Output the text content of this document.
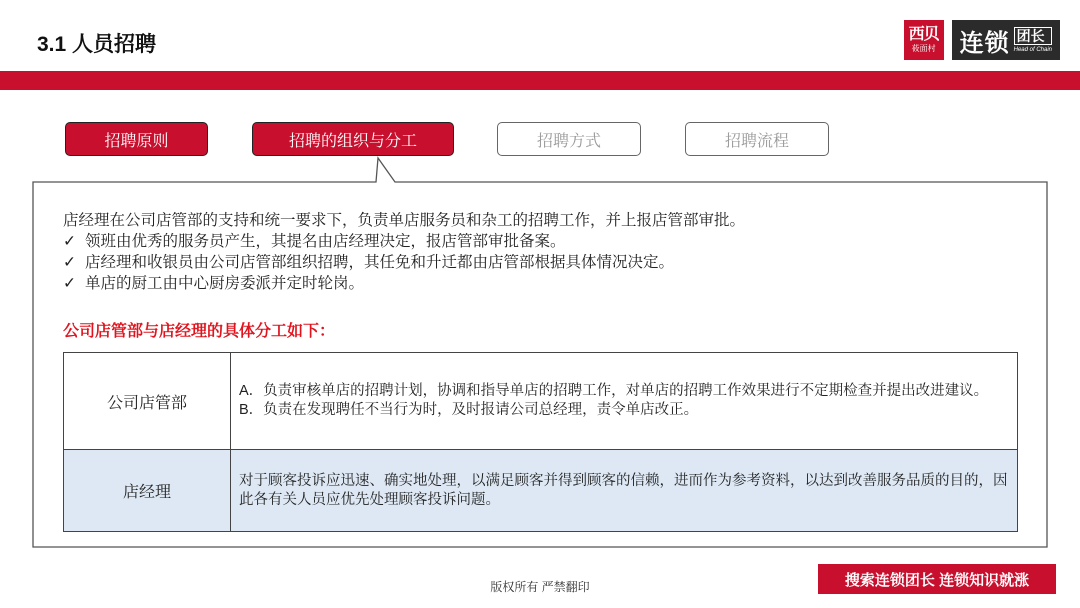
3.1 人员招聘	西贝
莜面村 连锁 团长
Head of Chain
招聘原则	招聘的组织与分工	招聘方式	招聘流程
店经理在公司店管部的支持和统一要求下，负责单店服务员和杂工的招聘工作，并上报店管部审批。
✓ 领班由优秀的服务员产生，其提名由店经理决定，报店管部审批备案。
✓ 店经理和收银员由公司店管部组织招聘，其任免和升迁都由店管部根据具体情况决定。
✓ 单店的厨工由中心厨房委派并定时轮岗。
公司店管部与店经理的具体分工如下：
公司店管部	A．负责审核单店的招聘计划，协调和指导单店的招聘工作，对单店的招聘工作效果进行不定期检查并提出改进建议。
B．负责在发现聘任不当行为时，及时报请公司总经理，责令单店改正。

店经理	对于顾客投诉应迅速、确实地处理，以满足顾客并得到顾客的信赖，进而作为参考资料，以达到改善服务品质的目的，因此各有关人员应优先处理顾客投诉问题。
版权所有 严禁翻印	搜索连锁团长 连锁知识就涨
